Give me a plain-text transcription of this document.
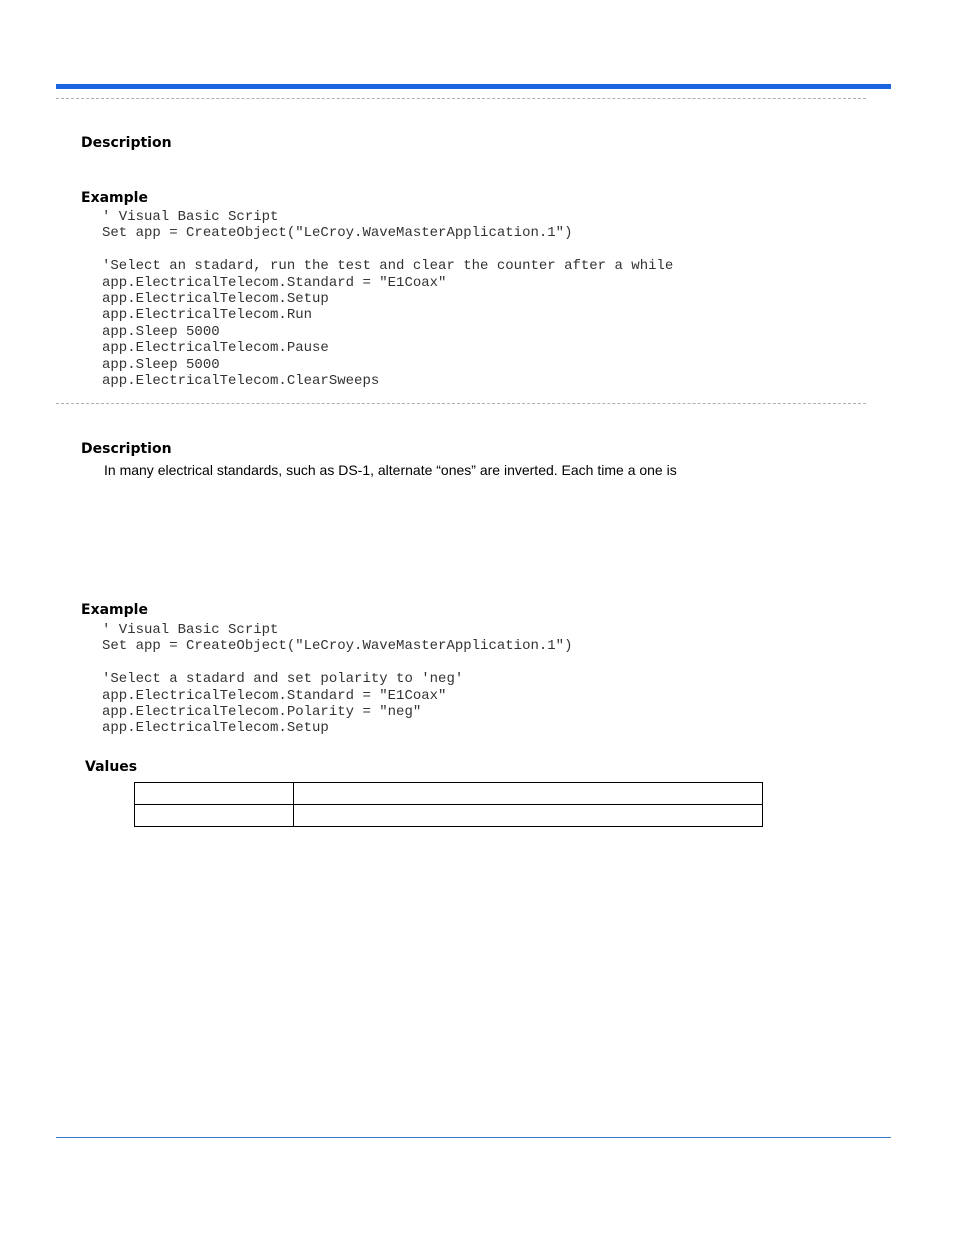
Description
Example
' Visual Basic Script
Set app = CreateObject("LeCroy.WaveMasterApplication.1")
'Select an stadard, run the test and clear the counter after a while
app.ElectricalTelecom.Standard = "E1Coax"
app.ElectricalTelecom.Setup
app.ElectricalTelecom.Run
app.Sleep 5000
app.ElectricalTelecom.Pause
app.Sleep 5000
app.ElectricalTelecom.ClearSweeps
Description
In many electrical standards, such as DS-1, alternate “ones” are inverted. Each time a one is
Example
' Visual Basic Script
Set app = CreateObject("LeCroy.WaveMasterApplication.1")
'Select a stadard and set polarity to 'neg'
app.ElectricalTelecom.Standard = "E1Coax"
app.ElectricalTelecom.Polarity = "neg"
app.ElectricalTelecom.Setup
Values
